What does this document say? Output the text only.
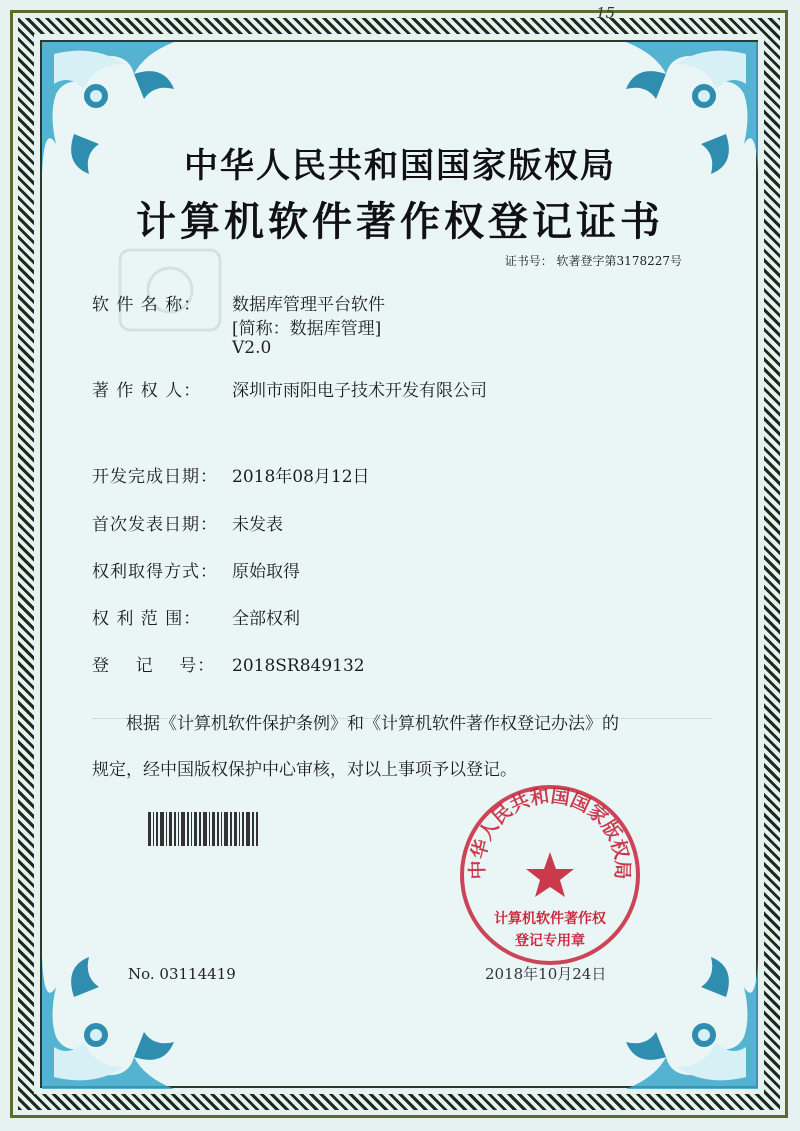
15
中华人民共和国国家版权局
计算机软件著作权登记证书
证书号： 软著登字第3178227号
软 件 名 称： 数据库管理平台软件
[简称：数据库管理]
V2.0
著 作 权 人： 深圳市雨阳电子技术开发有限公司
开发完成日期： 2018年08月12日
首次发表日期： 未发表
权利取得方式： 原始取得
权 利 范 围： 全部权利
登    记    号： 2018SR849132
根据《计算机软件保护条例》和《计算机软件著作权登记办法》的
规定，经中国版权保护中心审核，对以上事项予以登记。
No. 03114419	2018年10月24日
中华人民共和国国家版权局
计算机软件著作权
登记专用章
